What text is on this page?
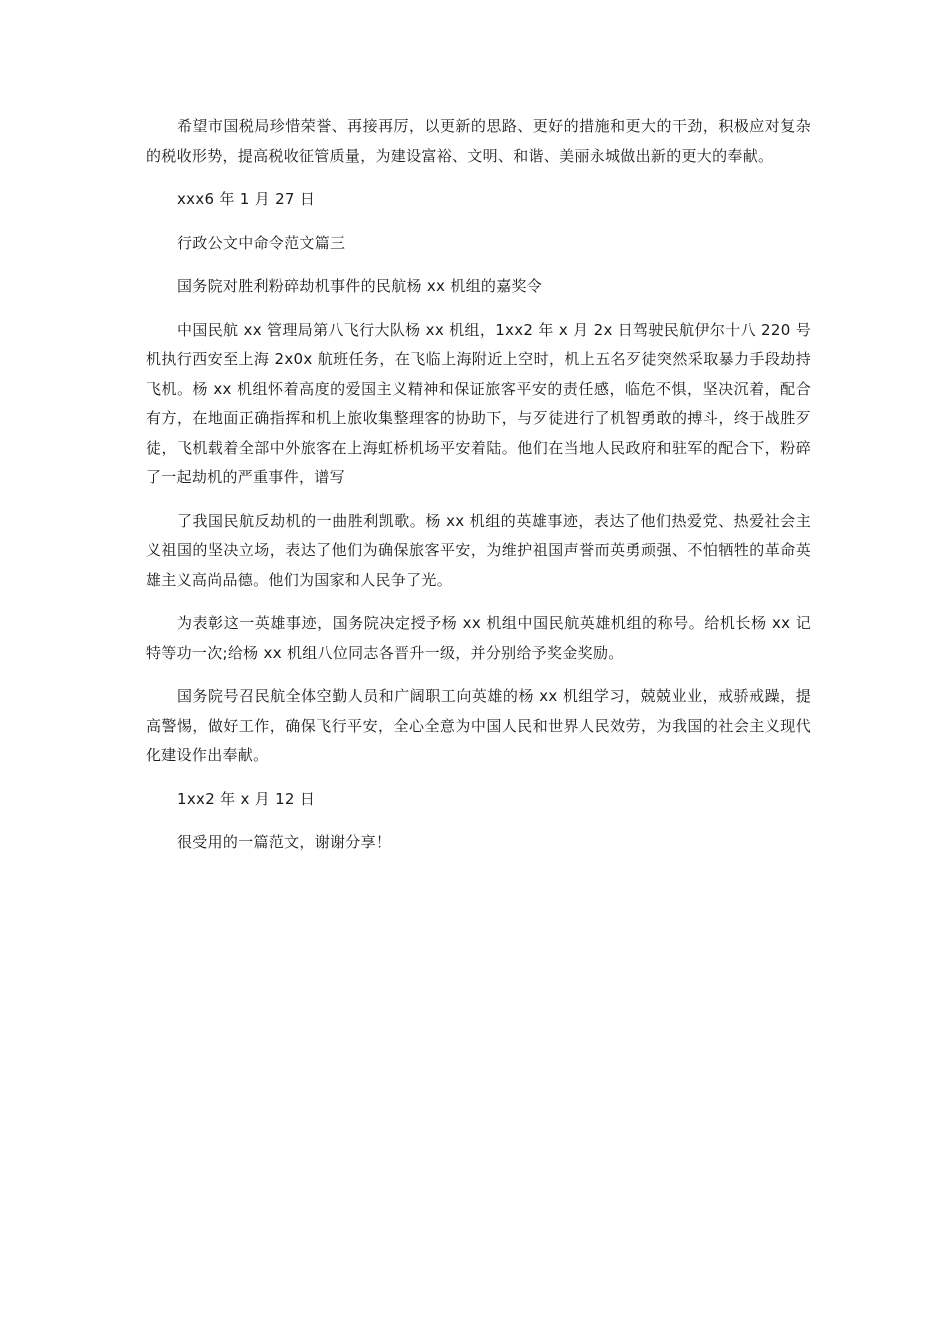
希望市国税局珍惜荣誉、再接再厉，以更新的思路、更好的措施和更大的干劲，积极应对复杂的税收形势，提高税收征管质量，为建设富裕、文明、和谐、美丽永城做出新的更大的奉献。

xxx6 年 1 月 27 日

行政公文中命令范文篇三

国务院对胜利粉碎劫机事件的民航杨 xx 机组的嘉奖令

中国民航 xx 管理局第八飞行大队杨 xx 机组，1xx2 年 x 月 2x 日驾驶民航伊尔十八 220 号机执行西安至上海 2x0x 航班任务，在飞临上海附近上空时，机上五名歹徒突然采取暴力手段劫持飞机。杨 xx 机组怀着高度的爱国主义精神和保证旅客平安的责任感，临危不惧，坚决沉着，配合有方，在地面正确指挥和机上旅收集整理客的协助下，与歹徒进行了机智勇敢的搏斗，终于战胜歹徒，飞机载着全部中外旅客在上海虹桥机场平安着陆。他们在当地人民政府和驻军的配合下，粉碎了一起劫机的严重事件，谱写

了我国民航反劫机的一曲胜利凯歌。杨 xx 机组的英雄事迹，表达了他们热爱党、热爱社会主义祖国的坚决立场，表达了他们为确保旅客平安，为维护祖国声誉而英勇顽强、不怕牺牲的革命英雄主义高尚品德。他们为国家和人民争了光。

为表彰这一英雄事迹，国务院决定授予杨 xx 机组中国民航英雄机组的称号。给机长杨 xx 记特等功一次;给杨 xx 机组八位同志各晋升一级，并分别给予奖金奖励。

国务院号召民航全体空勤人员和广阔职工向英雄的杨 xx 机组学习，兢兢业业，戒骄戒躁，提高警惕，做好工作，确保飞行平安，全心全意为中国人民和世界人民效劳，为我国的社会主义现代化建设作出奉献。

1xx2 年 x 月 12 日

很受用的一篇范文，谢谢分享！
